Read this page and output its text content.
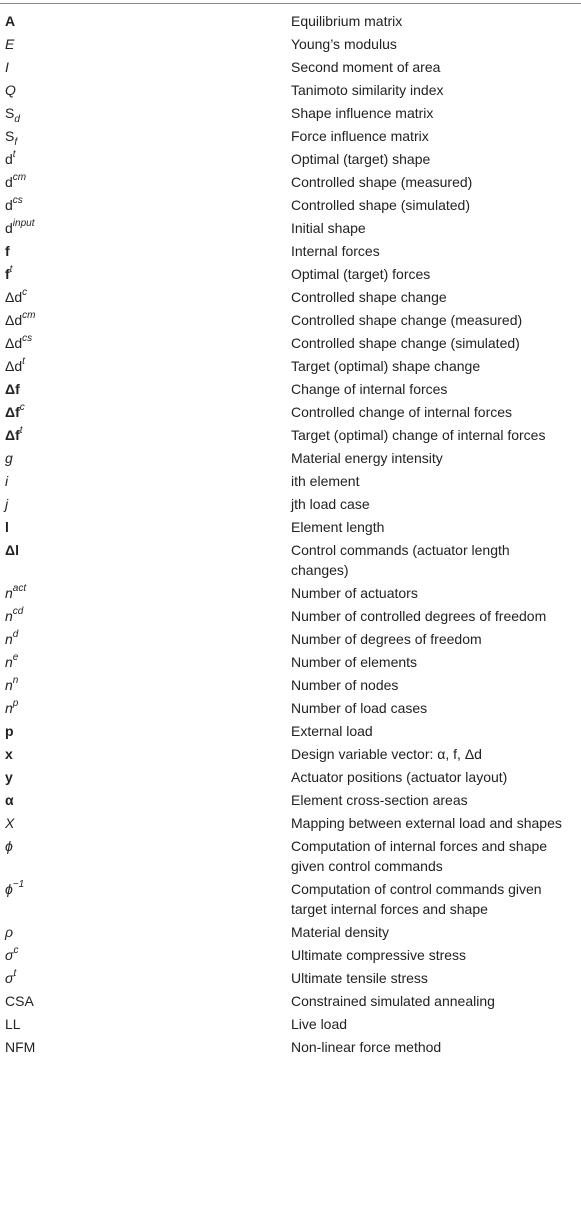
A	Equilibrium matrix
E	Young’s modulus
I	Second moment of area
Q	Tanimoto similarity index
$S_d$	Shape influence matrix
$S_f$	Force influence matrix
$d^t$	Optimal (target) shape
$d^{cm}$	Controlled shape (measured)
$d^{cs}$	Controlled shape (simulated)
$d^{input}$	Initial shape
f	Internal forces
$f^t$	Optimal (target) forces
$\Delta d^c$	Controlled shape change
$\Delta d^{cm}$	Controlled shape change (measured)
$\Delta d^{cs}$	Controlled shape change (simulated)
$\Delta d^t$	Target (optimal) shape change
Δf	Change of internal forces
$\Delta f^c$	Controlled change of internal forces
$\Delta f^t$	Target (optimal) change of internal forces
g	Material energy intensity
i	ith element
j	jth load case
l	Element length
Δl	Control commands (actuator length changes)
$n^{act}$	Number of actuators
$n^{cd}$	Number of controlled degrees of freedom
$n^d$	Number of degrees of freedom
$n^e$	Number of elements
$n^n$	Number of nodes
$n^p$	Number of load cases
p	External load
x	Design variable vector: α, f, Δd
y	Actuator positions (actuator layout)
α	Element cross-section areas
X	Mapping between external load and shapes
ϕ	Computation of internal forces and shape given control commands
$\phi^{-1}$	Computation of control commands given target internal forces and shape
ρ	Material density
$\sigma^c$	Ultimate compressive stress
$\sigma^t$	Ultimate tensile stress
CSA	Constrained simulated annealing
LL	Live load
NFM	Non-linear force method
